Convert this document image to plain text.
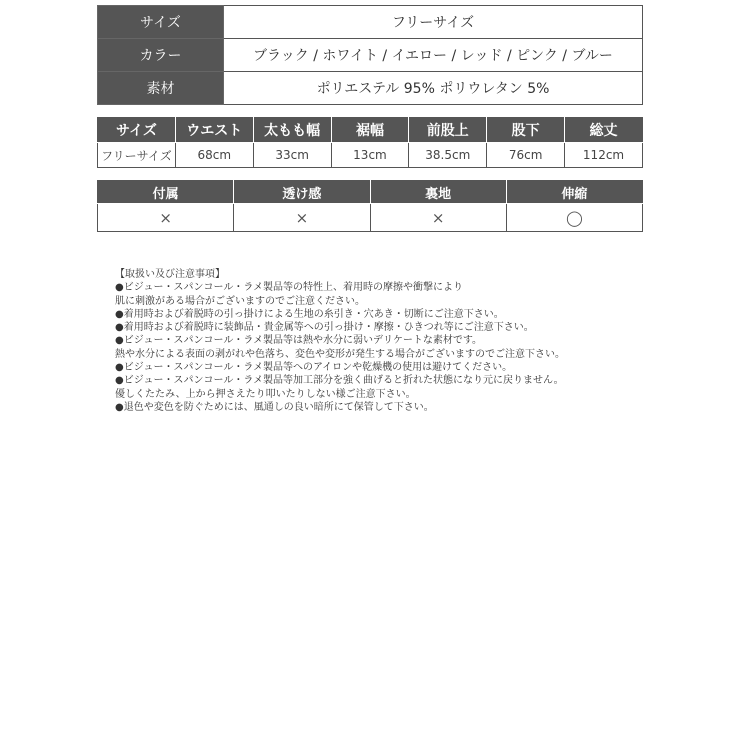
サイズ	フリーサイズ
カラー	ブラック / ホワイト / イエロー / レッド / ピンク / ブルー
素材	ポリエステル 95% ポリウレタン 5%
サイズ	ウエスト	太もも幅	裾幅	前股上	股下	総丈
フリーサイズ	68cm	33cm	13cm	38.5cm	76cm	112cm
付属	透け感	裏地	伸縮
×	×	×	◯
【取扱い及び注意事項】
●ビジュー・スパンコール・ラメ製品等の特性上、着用時の摩擦や衝撃により
肌に刺激がある場合がございますのでご注意ください。
●着用時および着脱時の引っ掛けによる生地の糸引き・穴あき・切断にご注意下さい。
●着用時および着脱時に装飾品・貴金属等への引っ掛け・摩擦・ひきつれ等にご注意下さい。
●ビジュー・スパンコール・ラメ製品等は熱や水分に弱いデリケートな素材です。
熱や水分による表面の剥がれや色落ち、変色や変形が発生する場合がございますのでご注意下さい。
●ビジュー・スパンコール・ラメ製品等へのアイロンや乾燥機の使用は避けてください。
●ビジュー・スパンコール・ラメ製品等加工部分を強く曲げると折れた状態になり元に戻りません。
優しくたたみ、上から押さえたり叩いたりしない様ご注意下さい。
●退色や変色を防ぐためには、風通しの良い暗所にて保管して下さい。
